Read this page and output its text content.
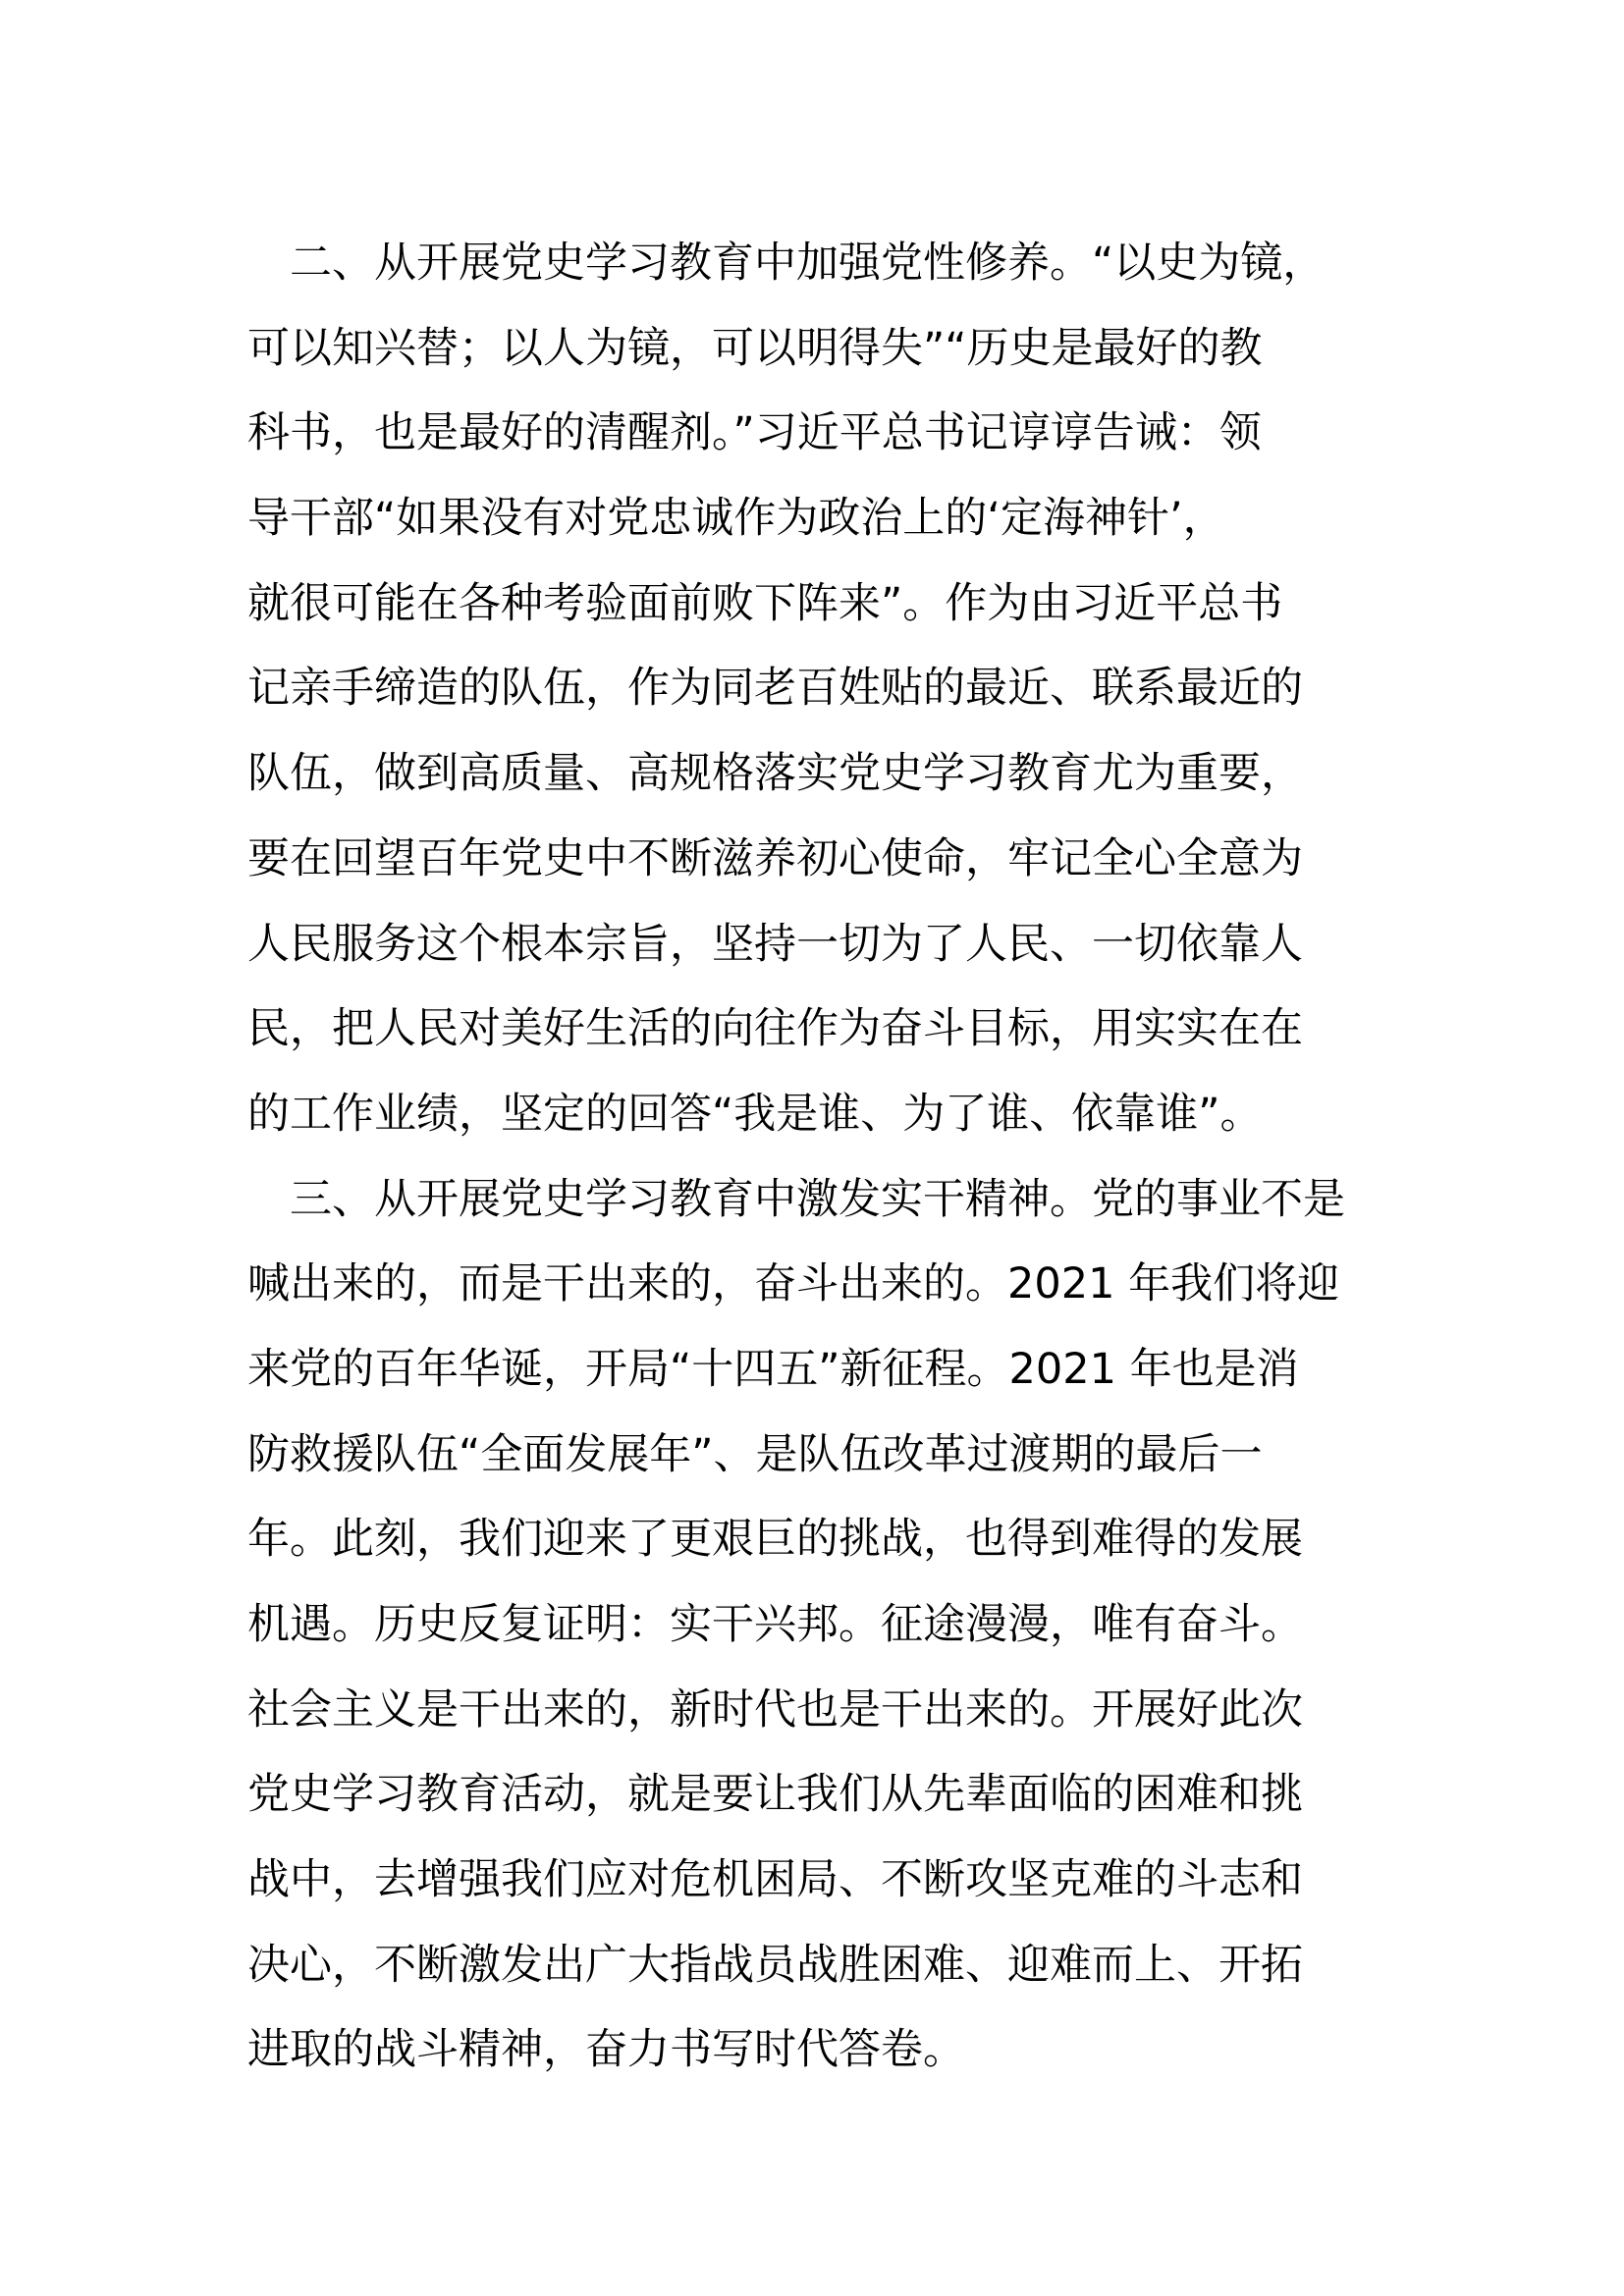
二、从开展党史学习教育中加强党性修养。“以史为镜，
可以知兴替；以人为镜，可以明得失”“历史是最好的教
科书，也是最好的清醒剂。”习近平总书记谆谆告诫：领
导干部“如果没有对党忠诚作为政治上的‘定海神针’，
就很可能在各种考验面前败下阵来”。作为由习近平总书
记亲手缔造的队伍，作为同老百姓贴的最近、联系最近的
队伍，做到高质量、高规格落实党史学习教育尤为重要，
要在回望百年党史中不断滋养初心使命，牢记全心全意为
人民服务这个根本宗旨，坚持一切为了人民、一切依靠人
民，把人民对美好生活的向往作为奋斗目标，用实实在在
的工作业绩，坚定的回答“我是谁、为了谁、依靠谁”。
三、从开展党史学习教育中激发实干精神。党的事业不是
喊出来的，而是干出来的，奋斗出来的。2021 年我们将迎
来党的百年华诞，开局“十四五”新征程。2021 年也是消
防救援队伍“全面发展年”、是队伍改革过渡期的最后一
年。此刻，我们迎来了更艰巨的挑战，也得到难得的发展
机遇。历史反复证明：实干兴邦。征途漫漫，唯有奋斗。
社会主义是干出来的，新时代也是干出来的。开展好此次
党史学习教育活动，就是要让我们从先辈面临的困难和挑
战中，去增强我们应对危机困局、不断攻坚克难的斗志和
决心，不断激发出广大指战员战胜困难、迎难而上、开拓
进取的战斗精神，奋力书写时代答卷。
